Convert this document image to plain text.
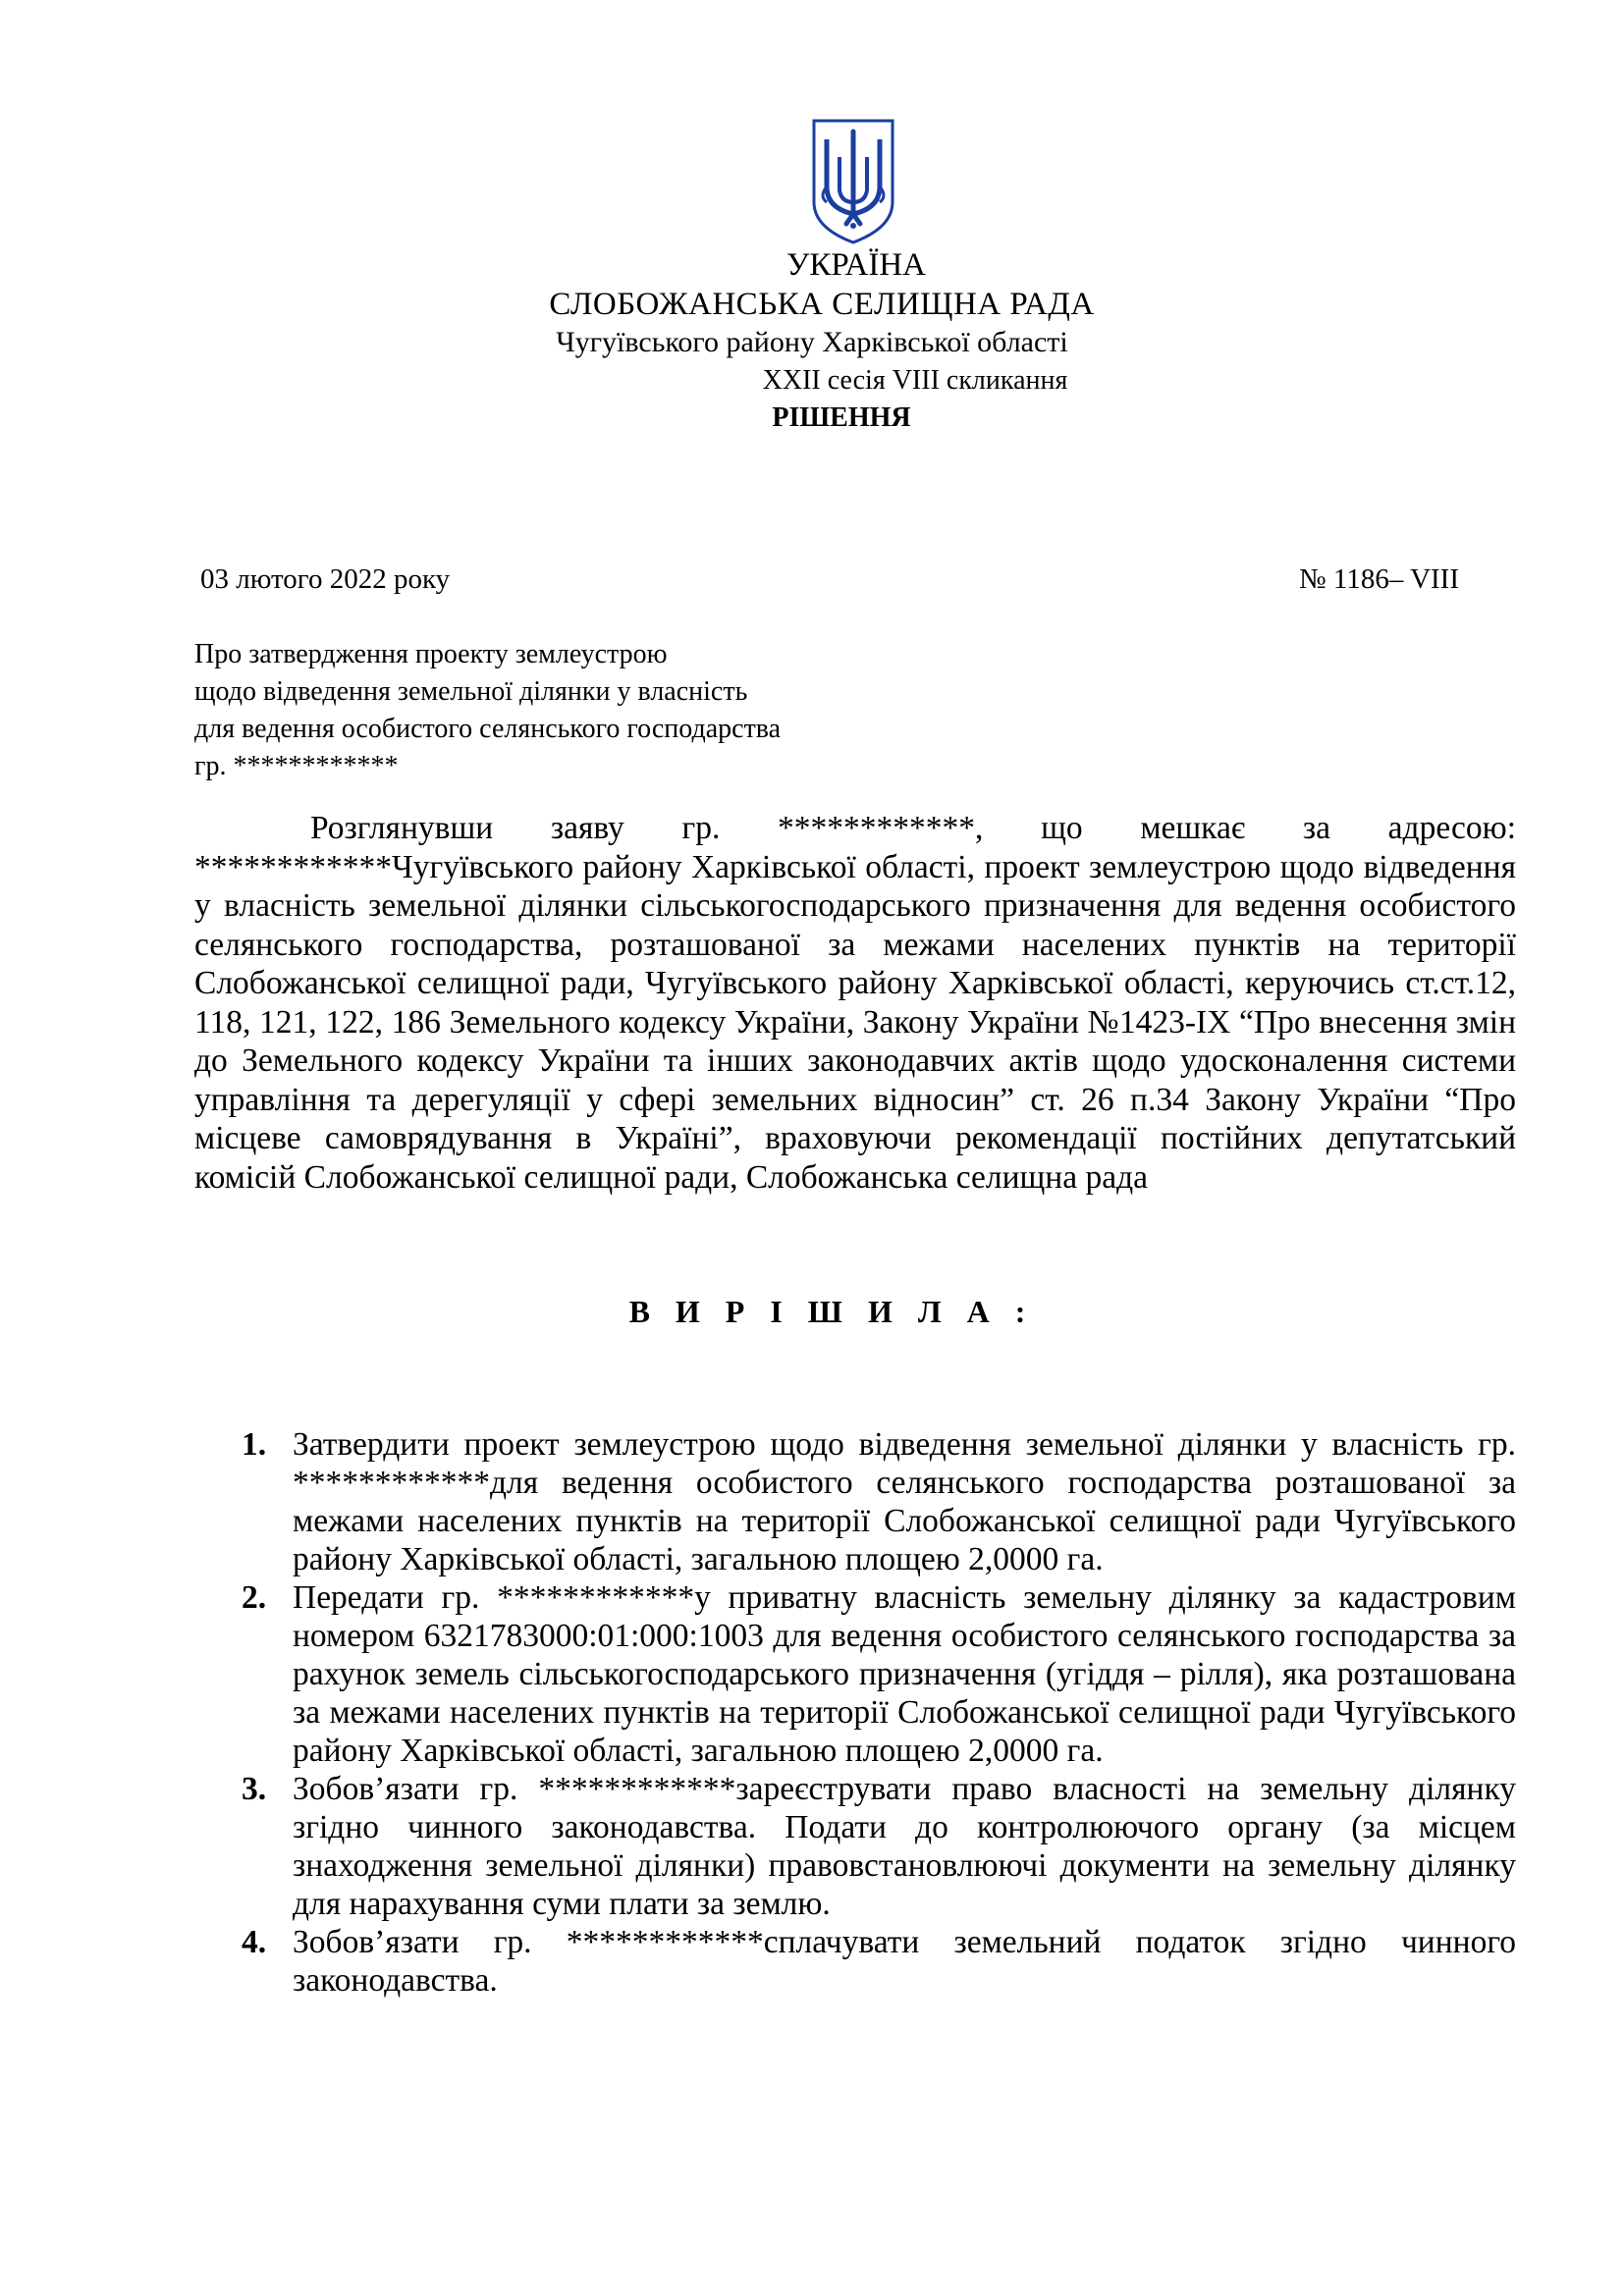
УКРАЇНА
СЛОБОЖАНСЬКА СЕЛИЩНА РАДА
Чугуївського району Харківської області
ХХІІ сесія VIII скликання
РІШЕННЯ
03 лютого 2022 року	№ 1186– VIII
Про затвердження проекту землеустрою
щодо відведення земельної ділянки у власність
для ведення особистого селянського господарства
гр. ************
Розглянувши заяву гр. ************, що мешкає за адресою: ************Чугуївського району Харківської області, проект землеустрою щодо відведення у власність земельної ділянки сільськогосподарського призначення для ведення особистого селянського господарства, розташованої за межами населених пунктів на території Слобожанської селищної ради, Чугуївського району Харківської області, керуючись ст.ст.12, 118, 121, 122, 186 Земельного кодексу України, Закону України №1423-IX “Про внесення змін до Земельного кодексу України та інших законодавчих актів щодо удосконалення системи управління та дерегуляції у сфері земельних відносин” ст. 26 п.34 Закону України “Про місцеве самоврядування в Україні”, враховуючи рекомендації постійних депутатський комісій Слобожанської селищної ради, Слобожанська селищна рада
В И Р І Ш И Л А :
1. Затвердити проект землеустрою щодо відведення земельної ділянки у власність гр. ************для ведення особистого селянського господарства розташованої за межами населених пунктів на території Слобожанської селищної ради Чугуївського району Харківської області, загальною площею 2,0000 га.
2. Передати гр. ************у приватну власність земельну ділянку за кадастровим номером 6321783000:01:000:1003 для ведення особистого селянського господарства за рахунок земель сільськогосподарського призначення (угіддя – рілля), яка розташована за межами населених пунктів на території Слобожанської селищної ради Чугуївського району Харківської області, загальною площею 2,0000 га.
3. Зобов’язати гр. ************зареєструвати право власності на земельну ділянку згідно чинного законодавства. Подати до контролюючого органу (за місцем знаходження земельної ділянки) правовстановлюючі документи на земельну ділянку для нарахування суми плати за землю.
4. Зобов’язати гр. ************сплачувати земельний податок згідно чинного законодавства.
